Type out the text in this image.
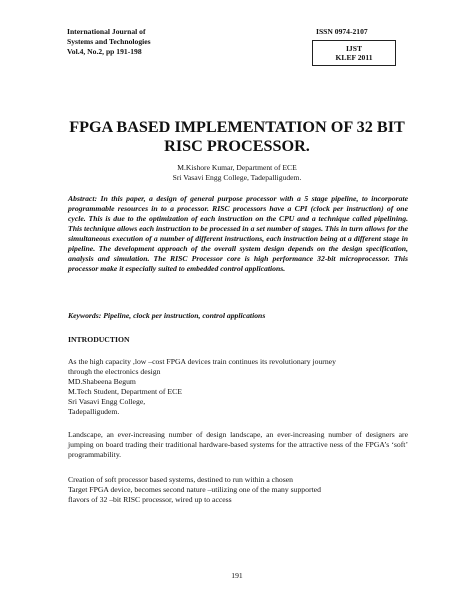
International Journal of
Systems and Technologies
Vol.4, No.2, pp 191-198
ISSN 0974-2107
IJST
KLEF 2011
FPGA BASED IMPLEMENTATION OF 32 BIT
RISC PROCESSOR.
M.Kishore Kumar, Department of ECE
Sri Vasavi Engg College, Tadepalligudem.
Abstract: In this paper, a design of general purpose processor with a 5 stage pipeline, to incorporate programmable resources in to a processor. RISC processors have a CPI (clock per instruction) of one cycle. This is due to the optimization of each instruction on the CPU and a technique called pipelining. This technique allows each instruction to be processed in a set number of stages. This in turn allows for the simultaneous execution of a number of different instructions, each instruction being at a different stage in pipeline. The development approach of the overall system design depends on the design specification, analysis and simulation. The RISC Processor core is high performance 32-bit microprocessor. This processor make it especially suited to embedded control applications.
Keywords: Pipeline, clock per instruction, control applications
INTRODUCTION
As the high capacity ,low –cost FPGA devices train continues its revolutionary journey
through the electronics design
MD.Shabeena Begum
M.Tech Student, Department of ECE
Sri Vasavi Engg College,
Tadepalligudem.
Landscape, an ever-increasing number of design landscape, an ever-increasing number of designers are jumping on board trading their traditional hardware-based systems for the attractive ness of the FPGA’s ‘soft’ programmability.
Creation of soft processor based systems, destined to run within a chosen
Target FPGA device, becomes second nature –utilizing one of the many supported
flavors of 32 –bit RISC processor, wired up to access
191
